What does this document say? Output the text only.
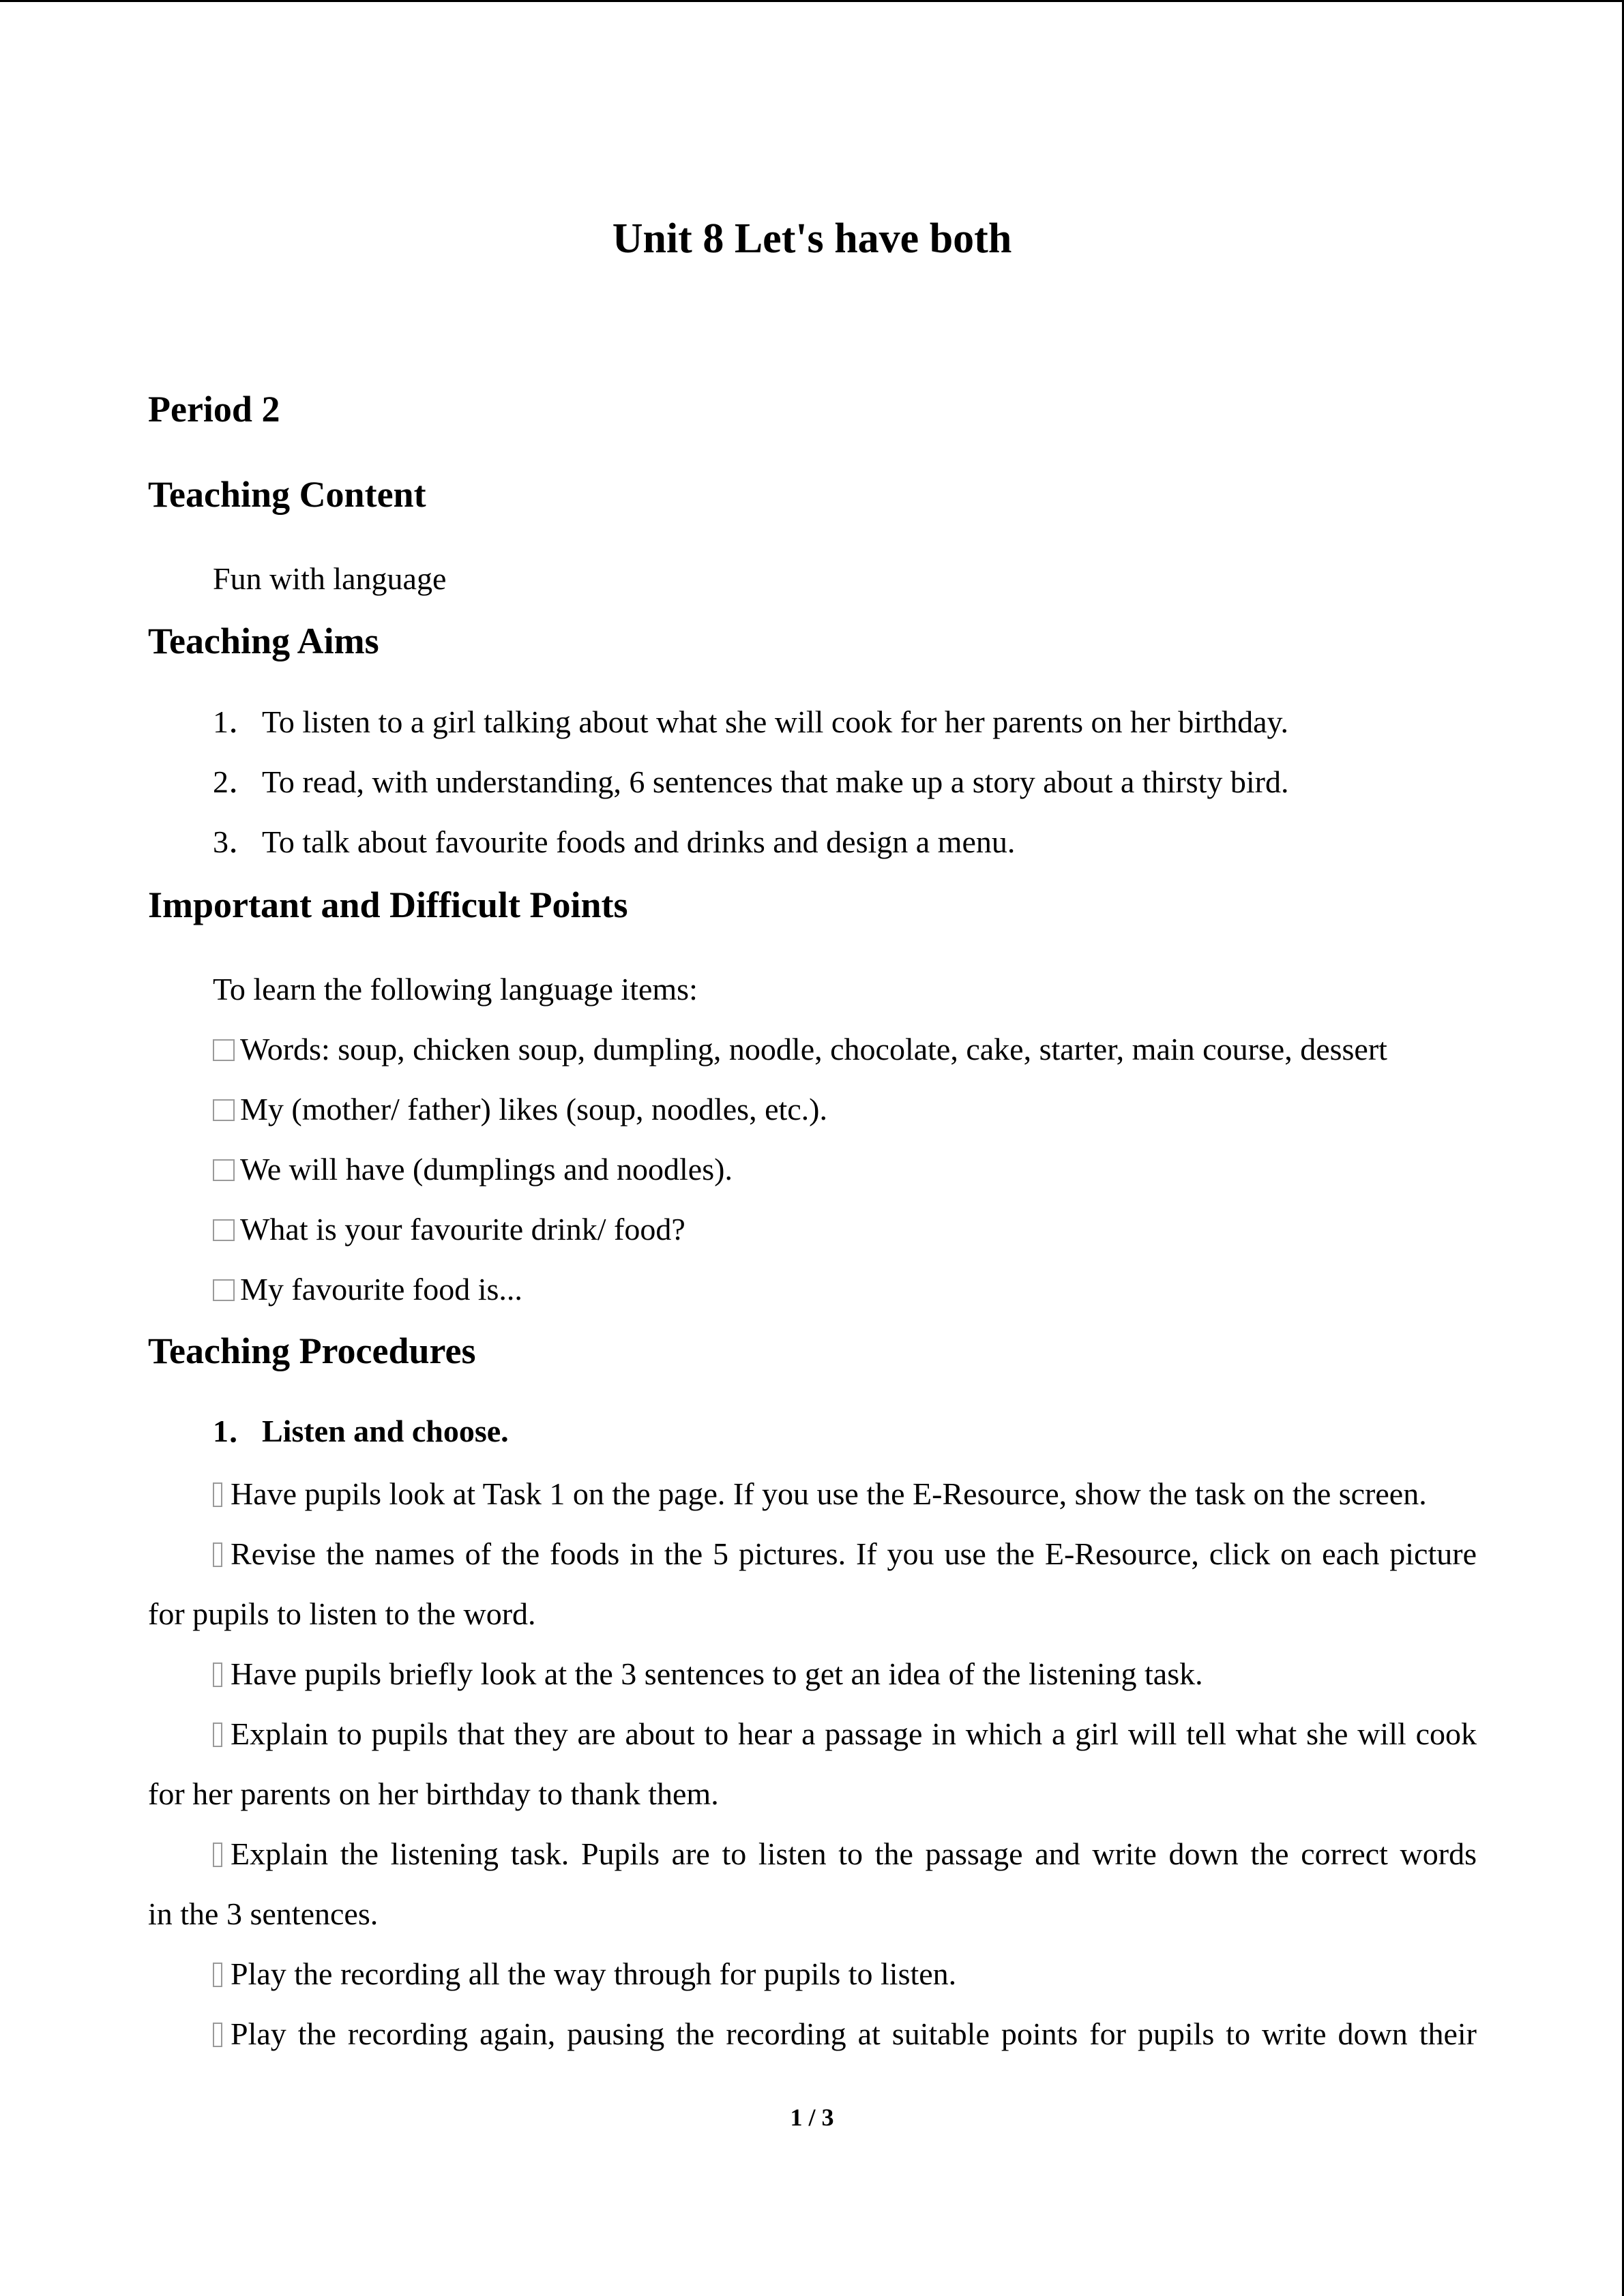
Unit 8 Let's have both
Period 2
Teaching Content
Fun with language
Teaching Aims
1．To listen to a girl talking about what she will cook for her parents on her birthday.
2．To read, with understanding, 6 sentences that make up a story about a thirsty bird.
3．To talk about favourite foods and drinks and design a menu.
Important and Difficult Points
To learn the following language items:
Words: soup, chicken soup, dumpling, noodle, chocolate, cake, starter, main course, dessert
My (mother/ father) likes (soup, noodles, etc.).
We will have (dumplings and noodles).
What is your favourite drink/ food?
My favourite food is...
Teaching Procedures
1．Listen and choose.
Have pupils look at Task 1 on the page. If you use the E-Resource, show the task on the screen.
Revise the names of the foods in the 5 pictures. If you use the E-Resource, click on each picture
for pupils to listen to the word.
Have pupils briefly look at the 3 sentences to get an idea of the listening task.
Explain to pupils that they are about to hear a passage in which a girl will tell what she will cook
for her parents on her birthday to thank them.
Explain the listening task. Pupils are to listen to the passage and write down the correct words
in the 3 sentences.
Play the recording all the way through for pupils to listen.
Play the recording again, pausing the recording at suitable points for pupils to write down their
1 / 3
